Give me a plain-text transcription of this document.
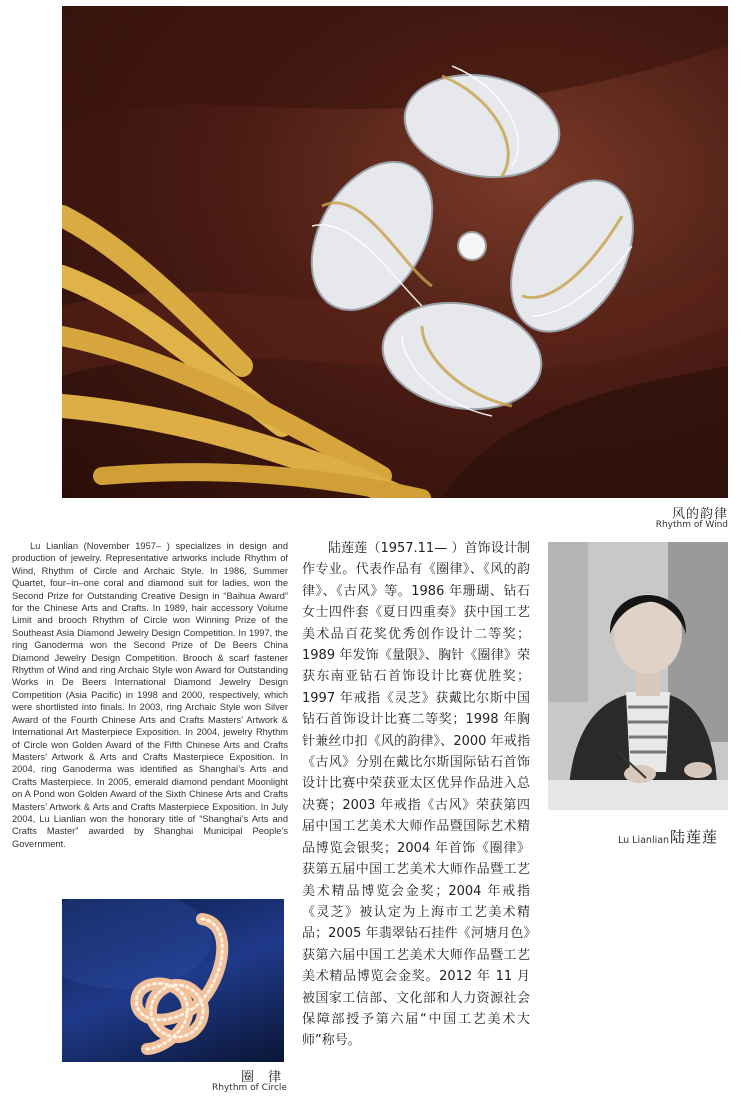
风的韵律
Rhythm of Wind
Lu Lianlian (November 1957– ) specializes in design and production of jewelry. Representative artworks include Rhythm of Wind, Rhythm of Circle and Archaic Style. In 1986, Summer Quartet, four–in–one coral and diamond suit for ladies, won the Second Prize for Outstanding Creative Design in “Baihua Award” for the Chinese Arts and Crafts. In 1989, hair accessory Volume Limit and brooch Rhythm of Circle won Winning Prize of the Southeast Asia Diamond Jewelry Design Competition. In 1997, the ring Ganoderma won the Second Prize of De Beers China Diamond Jewelry Design Competition. Brooch & scarf fastener Rhythm of Wind and ring Archaic Style won Award for Outstanding Works in De Beers International Diamond Jewelry Design Competition (Asia Pacific) in 1998 and 2000, respectively, which were shortlisted into finals. In 2003, ring Archaic Style won Silver Award of the Fourth Chinese Arts and Crafts Masters’ Artwork & International Art Masterpiece Exposition. In 2004, jewelry Rhythm of Circle won Golden Award of the Fifth Chinese Arts and Crafts Masters’ Artwork & Arts and Crafts Masterpiece Exposition. In 2004, ring Ganoderma was identified as Shanghai’s Arts and Crafts Masterpiece. In 2005, emerald diamond pendant Moonlight on A Pond won Golden Award of the Sixth Chinese Arts and Crafts Masters’ Artwork & Arts and Crafts Masterpiece Exposition. In July 2004, Lu Lianlian won the honorary title of “Shanghai’s Arts and Crafts Master” awarded by Shanghai Municipal People’s Government.
陆莲莲（1957.11— ）首饰设计制作专业。代表作品有《圈律》、《风的韵律》、《古风》等。1986 年珊瑚、钻石女士四件套《夏日四重奏》获中国工艺美术品百花奖优秀创作设计二等奖；1989 年发饰《量限》、胸针《圈律》荣获东南亚钻石首饰设计比赛优胜奖；1997 年戒指《灵芝》获戴比尔斯中国钻石首饰设计比赛二等奖；1998 年胸针兼丝巾扣《风的韵律》、2000 年戒指《古风》分别在戴比尔斯国际钻石首饰设计比赛中荣获亚太区优异作品进入总决赛；2003 年戒指《古风》荣获第四届中国工艺美术大师作品暨国际艺术精品博览会银奖；2004 年首饰《圈律》获第五届中国工艺美术大师作品暨工艺美术精品博览会金奖；2004 年戒指《灵芝》被认定为上海市工艺美术精品；2005 年翡翠钻石挂件《河塘月色》获第六届中国工艺美术大师作品暨工艺美术精品博览会金奖。2012 年 11 月被国家工信部、文化部和人力资源社会保障部授予第六届“中国工艺美术大师”称号。
Lu Lianlian 陆莲莲
圈 律
Rhythm of Circle
